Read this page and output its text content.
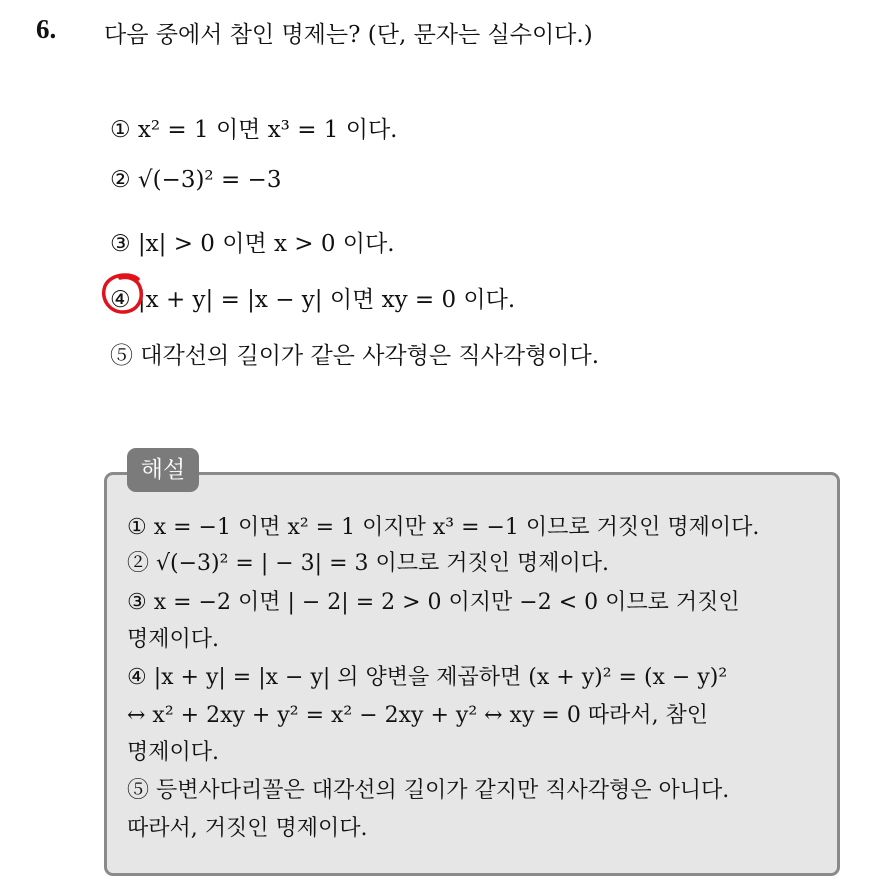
6. 다음 중에서 참인 명제는? (단, 문자는 실수이다.)
① x² = 1 이면 x³ = 1 이다.
② √(−3)² = −3
③ |x| > 0 이면 x > 0 이다.
④ |x + y| = |x − y| 이면 xy = 0 이다.
⑤ 대각선의 길이가 같은 사각형은 직사각형이다.
해설
① x = −1 이면 x² = 1 이지만 x³ = −1 이므로 거짓인 명제이다.
② √(−3)² = | − 3| = 3 이므로 거짓인 명제이다.
③ x = −2 이면 | − 2| = 2 > 0 이지만 −2 < 0 이므로 거짓인
명제이다.
④ |x + y| = |x − y| 의 양변을 제곱하면 (x + y)² = (x − y)²
↔ x² + 2xy + y² = x² − 2xy + y² ↔ xy = 0 따라서, 참인
명제이다.
⑤ 등변사다리꼴은 대각선의 길이가 같지만 직사각형은 아니다.
따라서, 거짓인 명제이다.
